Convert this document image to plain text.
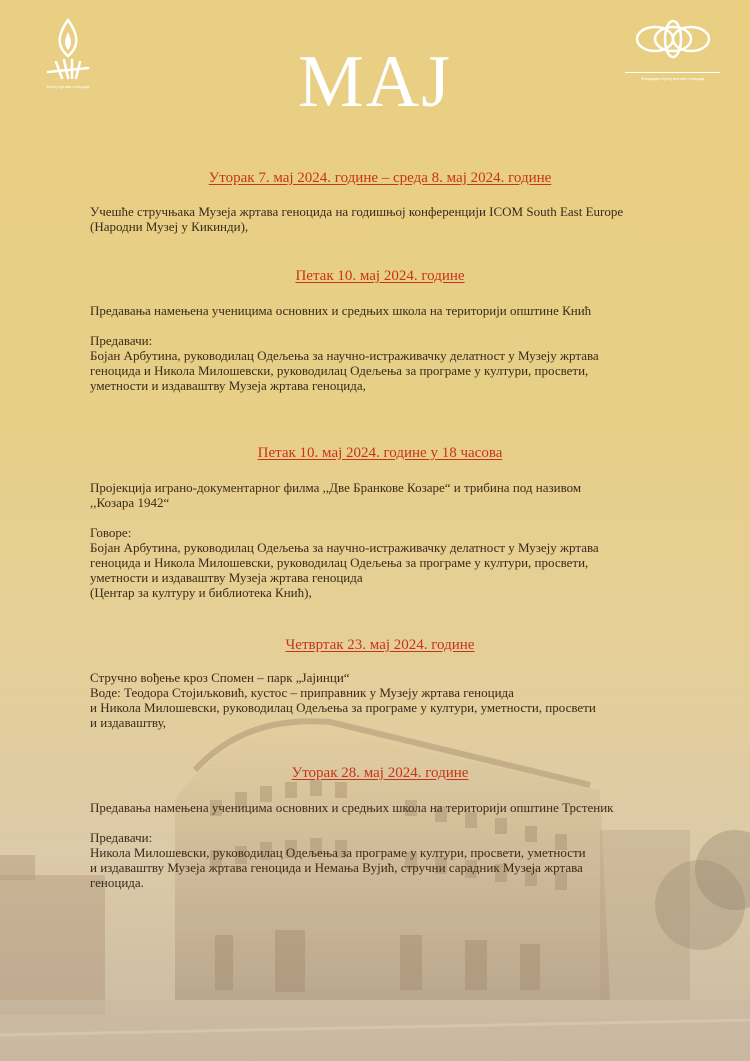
Музеј жртава геноцида
Фондација Музеј жртава геноцида
МАЈ

Уторак 7. мај 2024. године – среда 8. мај 2024. године

Учешће стручњака Музеја жртава геноцида на годишњој конференцији ICOM South East Europe
(Народни Музеј у Кикинди),

Петак 10. мај 2024. године

Предавања намењена ученицима основних и средњих школа на територији општине Кнић

Предавачи:
Бојан Арбутина, руководилац Одељења за научно-истраживачку делатност у Музеју жртава
геноцида и Никола Милошевски, руководилац Одељења за програме у култури, просвети,
уметности и издаваштву Музеја жртава геноцида,

Петак 10. мај 2024. године у 18 часова

Пројекција играно-документарног филма ,,Две Бранкове Козаре“ и трибина под називом
,,Козара 1942“

Говоре:
Бојан Арбутина, руководилац Одељења за научно-истраживачку делатност у Музеју жртава
геноцида и Никола Милошевски, руководилац Одељења за програме у култури, просвети,
уметности и издаваштву Музеја жртава геноцида
(Центар за културу и библиотека Кнић),

Четвртак 23. мај 2024. године

Стручно вођење кроз Спомен – парк „Јајинци“
Воде: Теодора Стојиљковић, кустос – приправник у Музеју жртава геноцида
и Никола Милошевски, руководилац Одељења за програме у култури, уметности, просвети
и издаваштву,

Уторак 28. мај 2024. године

Предавања намењена ученицима основних и средњих школа на територији општине Трстеник

Предавачи:
Никола Милошевски, руководилац Одељења за програме у култури, просвети, уметности
и издаваштву Музеја жртава геноцида и Немања Вујић, стручни сарадник Музеја жртава
геноцида.
